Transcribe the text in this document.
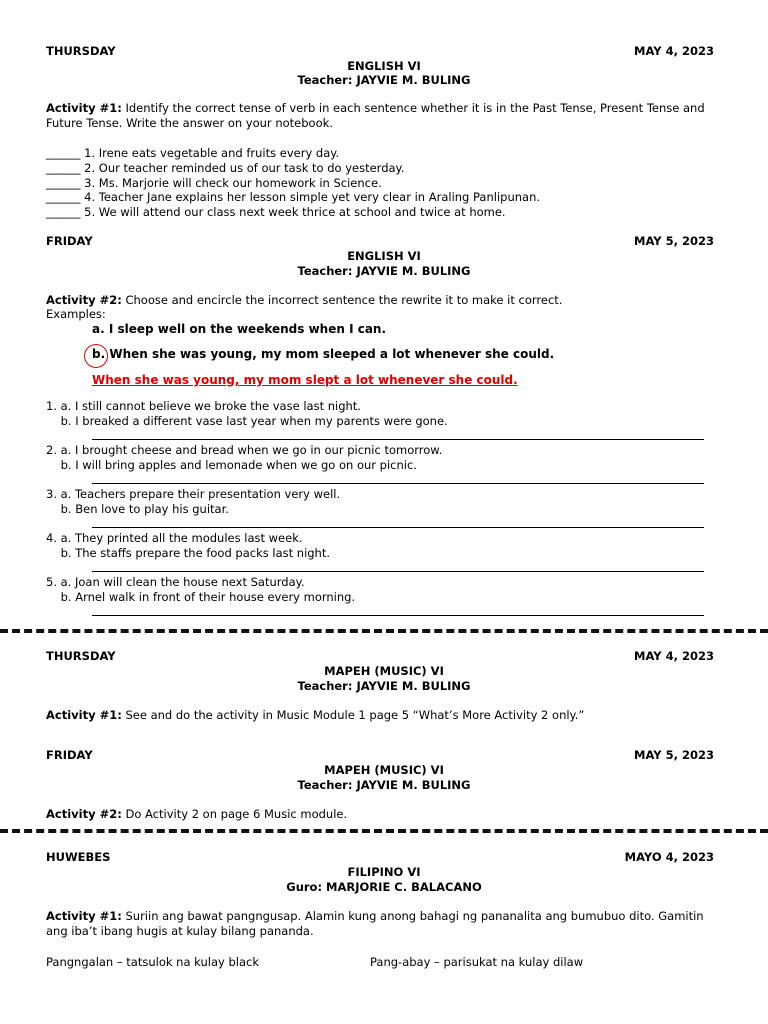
THURSDAY	MAY 4, 2023
ENGLISH VI
Teacher: JAYVIE M. BULING
Activity #1: Identify the correct tense of verb in each sentence whether it is in the Past Tense, Present Tense and Future Tense. Write the answer on your notebook.
______ 1. Irene eats vegetable and fruits every day.
______ 2. Our teacher reminded us of our task to do yesterday.
______ 3. Ms. Marjorie will check our homework in Science.
______ 4. Teacher Jane explains her lesson simple yet very clear in Araling Panlipunan.
______ 5. We will attend our class next week thrice at school and twice at home.
FRIDAY	MAY 5, 2023
ENGLISH VI
Teacher: JAYVIE M. BULING
Activity #2: Choose and encircle the incorrect sentence the rewrite it to make it correct.
Examples:
a. I sleep well on the weekends when I can.
b. When she was young, my mom sleeped a lot whenever she could.
When she was young, my mom slept a lot whenever she could.
1. a. I still cannot believe we broke the vase last night.
b. I breaked a different vase last year when my parents were gone.
2. a. I brought cheese and bread when we go in our picnic tomorrow.
b. I will bring apples and lemonade when we go on our picnic.
3. a. Teachers prepare their presentation very well.
b. Ben love to play his guitar.
4. a. They printed all the modules last week.
b. The staffs prepare the food packs last night.
5. a. Joan will clean the house next Saturday.
b. Arnel walk in front of their house every morning.
THURSDAY	MAY 4, 2023
MAPEH (MUSIC) VI
Teacher: JAYVIE M. BULING
Activity #1: See and do the activity in Music Module 1 page 5 “What’s More Activity 2 only.”
FRIDAY	MAY 5, 2023
MAPEH (MUSIC) VI
Teacher: JAYVIE M. BULING
Activity #2: Do Activity 2 on page 6 Music module.
HUWEBES	MAYO 4, 2023
FILIPINO VI
Guro: MARJORIE C. BALACANO
Activity #1: Suriin ang bawat pangngusap. Alamin kung anong bahagi ng pananalita ang bumubuo dito. Gamitin ang iba’t ibang hugis at kulay bilang pananda.
Pangngalan – tatsulok na kulay black	Pang-abay – parisukat na kulay dilaw
